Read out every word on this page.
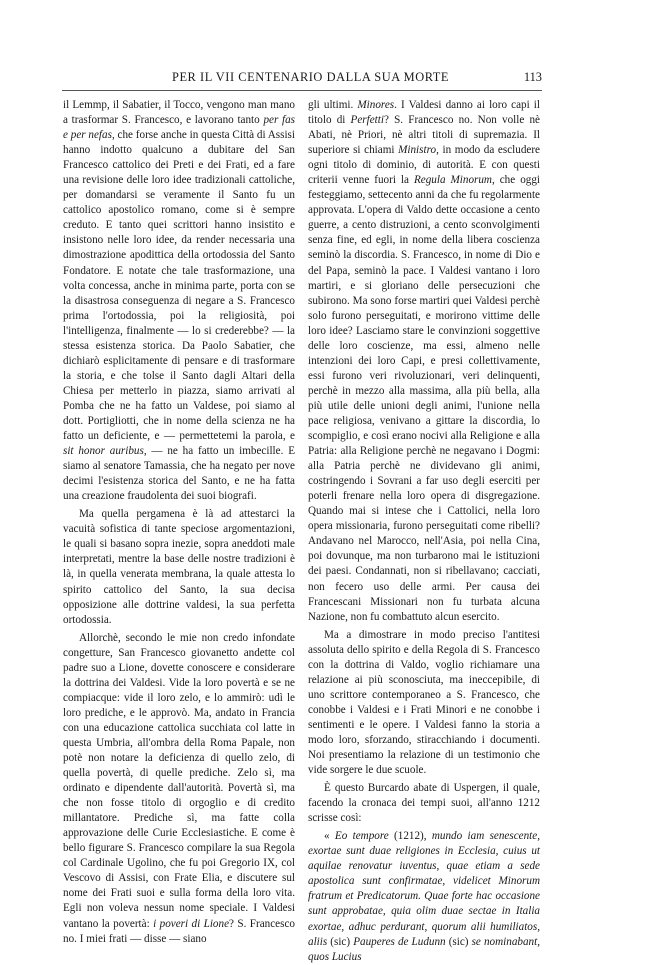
PER IL VII CENTENARIO DALLA SUA MORTE	113

il Lemmp, il Sabatier, il Tocco, vengono man mano a trasformar S. Francesco, e lavorano tanto per fas e per nefas, che forse anche in questa Città di Assisi hanno indotto qualcuno a dubitare del San Francesco cattolico dei Preti e dei Frati, ed a fare una revisione delle loro idee tradizionali cattoliche, per domandarsi se veramente il Santo fu un cattolico apostolico romano, come si è sempre creduto. E tanto quei scrittori hanno insistito e insistono nelle loro idee, da render necessaria una dimostrazione apodittica della ortodossia del Santo Fondatore. E notate che tale trasformazione, una volta concessa, anche in minima parte, porta con se la disastrosa conseguenza di negare a S. Francesco prima l'ortodossia, poi la religiosità, poi l'intelligenza, finalmente — lo si crederebbe? — la stessa esistenza storica. Da Paolo Sabatier, che dichiarò esplicitamente di pensare e di trasformare la storia, e che tolse il Santo dagli Altari della Chiesa per metterlo in piazza, siamo arrivati al Pomba che ne ha fatto un Valdese, poi siamo al dott. Portigliotti, che in nome della scienza ne ha fatto un deficiente, e — permettetemi la parola, e sit honor auribus, — ne ha fatto un imbecille. E siamo al senatore Tamassia, che ha negato per nove decimi l'esistenza storica del Santo, e ne ha fatta una creazione fraudolenta dei suoi biografi.

Ma quella pergamena è là ad attestarci la vacuità sofistica di tante speciose argomentazioni, le quali si basano sopra inezie, sopra aneddoti male interpretati, mentre la base delle nostre tradizioni è là, in quella venerata membrana, la quale attesta lo spirito cattolico del Santo, la sua decisa opposizione alle dottrine valdesi, la sua perfetta ortodossia.

Allorchè, secondo le mie non credo infondate congetture, San Francesco giovanetto andette col padre suo a Lione, dovette conoscere e considerare la dottrina dei Valdesi. Vide la loro povertà e se ne compiacque: vide il loro zelo, e lo ammirò: udì le loro prediche, e le approvò. Ma, andato in Francia con una educazione cattolica succhiata col latte in questa Umbria, all'ombra della Roma Papale, non potè non notare la deficienza di quello zelo, di quella povertà, di quelle prediche. Zelo sì, ma ordinato e dipendente dall'autorità. Povertà sì, ma che non fosse titolo di orgoglio e di credito millantatore. Prediche sì, ma fatte colla approvazione delle Curie Ecclesiastiche. E come è bello figurare S. Francesco compilare la sua Regola col Cardinale Ugolino, che fu poi Gregorio IX, col Vescovo di Assisi, con Frate Elia, e discutere sul nome dei Frati suoi e sulla forma della loro vita. Egli non voleva nessun nome speciale. I Valdesi vantano la povertà: i poveri di Lione? S. Francesco no. I miei frati — disse — siano

gli ultimi. Minores. I Valdesi danno ai loro capi il titolo di Perfetti? S. Francesco no. Non volle nè Abati, nè Priori, nè altri titoli di supremazia. Il superiore si chiami Ministro, in modo da escludere ogni titolo di dominio, di autorità. E con questi criterii venne fuori la Regula Minorum, che oggi festeggiamo, settecento anni da che fu regolarmente approvata. L'opera di Valdo dette occasione a cento guerre, a cento distruzioni, a cento sconvolgimenti senza fine, ed egli, in nome della libera coscienza seminò la discordia. S. Francesco, in nome di Dio e del Papa, seminò la pace. I Valdesi vantano i loro martiri, e si gloriano delle persecuzioni che subirono. Ma sono forse martiri quei Valdesi perchè solo furono perseguitati, e morirono vittime delle loro idee? Lasciamo stare le convinzioni soggettive delle loro coscienze, ma essi, almeno nelle intenzioni dei loro Capi, e presi collettivamente, essi furono veri rivoluzionari, veri delinquenti, perchè in mezzo alla massima, alla più bella, alla più utile delle unioni degli animi, l'unione nella pace religiosa, venivano a gittare la discordia, lo scompiglio, e così erano nocivi alla Religione e alla Patria: alla Religione perchè ne negavano i Dogmi: alla Patria perchè ne dividevano gli animi, costringendo i Sovrani a far uso degli eserciti per poterli frenare nella loro opera di disgregazione. Quando mai si intese che i Cattolici, nella loro opera missionaria, furono perseguitati come ribelli? Andavano nel Marocco, nell'Asia, poi nella Cina, poi dovunque, ma non turbarono mai le istituzioni dei paesi. Condannati, non si ribellavano; cacciati, non fecero uso delle armi. Per causa dei Francescani Missionari non fu turbata alcuna Nazione, non fu combattuto alcun esercito.

Ma a dimostrare in modo preciso l'antitesi assoluta dello spirito e della Regola di S. Francesco con la dottrina di Valdo, voglio richiamare una relazione ai più sconosciuta, ma ineccepibile, di uno scrittore contemporaneo a S. Francesco, che conobbe i Valdesi e i Frati Minori e ne conobbe i sentimenti e le opere. I Valdesi fanno la storia a modo loro, sforzando, stiracchiando i documenti. Noi presentiamo la relazione di un testimonio che vide sorgere le due scuole.

È questo Burcardo abate di Uspergen, il quale, facendo la cronaca dei tempi suoi, all'anno 1212 scrisse così:

« Eo tempore (1212), mundo iam senescente, exortae sunt duae religiones in Ecclesia, cuius ut aquilae renovatur iuventus, quae etiam a sede apostolica sunt confirmatae, videlicet Minorum fratrum et Predicatorum. Quae forte hac occasione sunt approbatae, quia olim duae sectae in Italia exortae, adhuc perdurant, quorum alii humiliatos, aliis (sic) Pauperes de Ludunn (sic) se nominabant, quos Lucius
